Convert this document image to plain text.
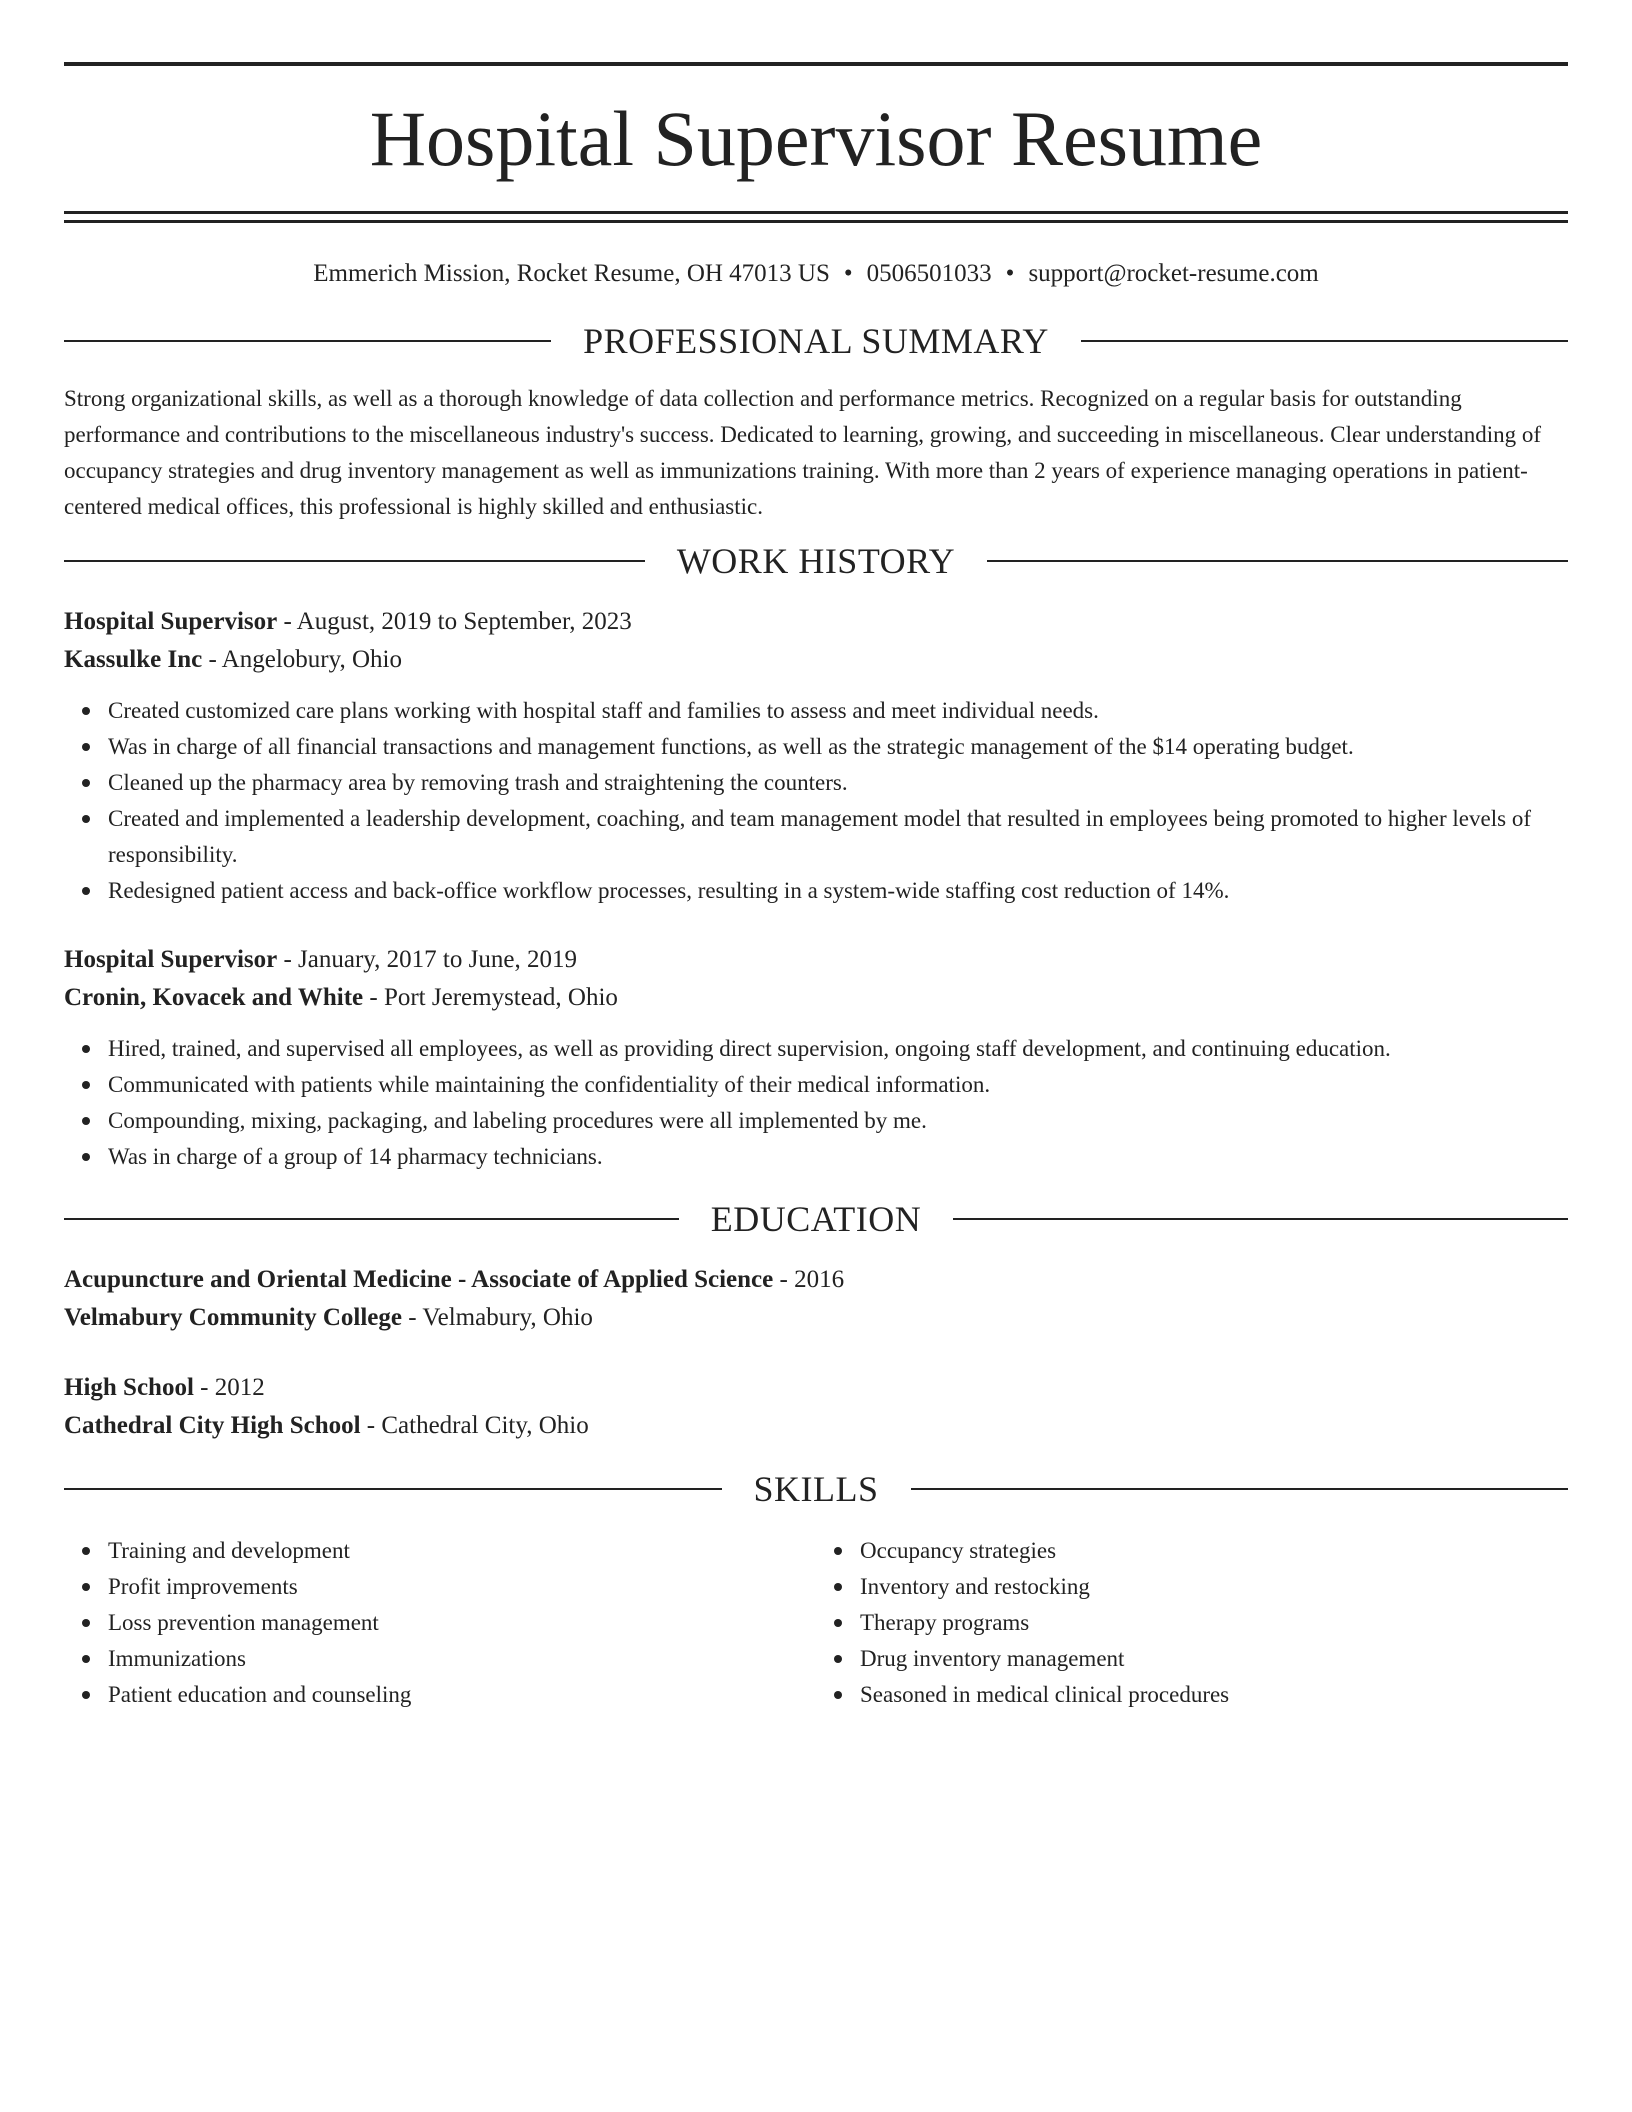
Hospital Supervisor Resume
Emmerich Mission, Rocket Resume, OH 47013 US • 0506501033 • support@rocket-resume.com
PROFESSIONAL SUMMARY

Strong organizational skills, as well as a thorough knowledge of data collection and performance metrics. Recognized on a regular basis for outstanding performance and contributions to the miscellaneous industry's success. Dedicated to learning, growing, and succeeding in miscellaneous. Clear understanding of occupancy strategies and drug inventory management as well as immunizations training. With more than 2 years of experience managing operations in patient-centered medical offices, this professional is highly skilled and enthusiastic.

WORK HISTORY
Hospital Supervisor - August, 2019 to September, 2023
Kassulke Inc - Angelobury, Ohio
Created customized care plans working with hospital staff and families to assess and meet individual needs.
Was in charge of all financial transactions and management functions, as well as the strategic management of the $14 operating budget.
Cleaned up the pharmacy area by removing trash and straightening the counters.
Created and implemented a leadership development, coaching, and team management model that resulted in employees being promoted to higher levels of responsibility.
Redesigned patient access and back-office workflow processes, resulting in a system-wide staffing cost reduction of 14%.
Hospital Supervisor - January, 2017 to June, 2019
Cronin, Kovacek and White - Port Jeremystead, Ohio
Hired, trained, and supervised all employees, as well as providing direct supervision, ongoing staff development, and continuing education.
Communicated with patients while maintaining the confidentiality of their medical information.
Compounding, mixing, packaging, and labeling procedures were all implemented by me.
Was in charge of a group of 14 pharmacy technicians.
EDUCATION
Acupuncture and Oriental Medicine - Associate of Applied Science - 2016
Velmabury Community College - Velmabury, Ohio
High School - 2012
Cathedral City High School - Cathedral City, Ohio
SKILLS
Training and development
Profit improvements
Loss prevention management
Immunizations
Patient education and counseling
Occupancy strategies
Inventory and restocking
Therapy programs
Drug inventory management
Seasoned in medical clinical procedures
